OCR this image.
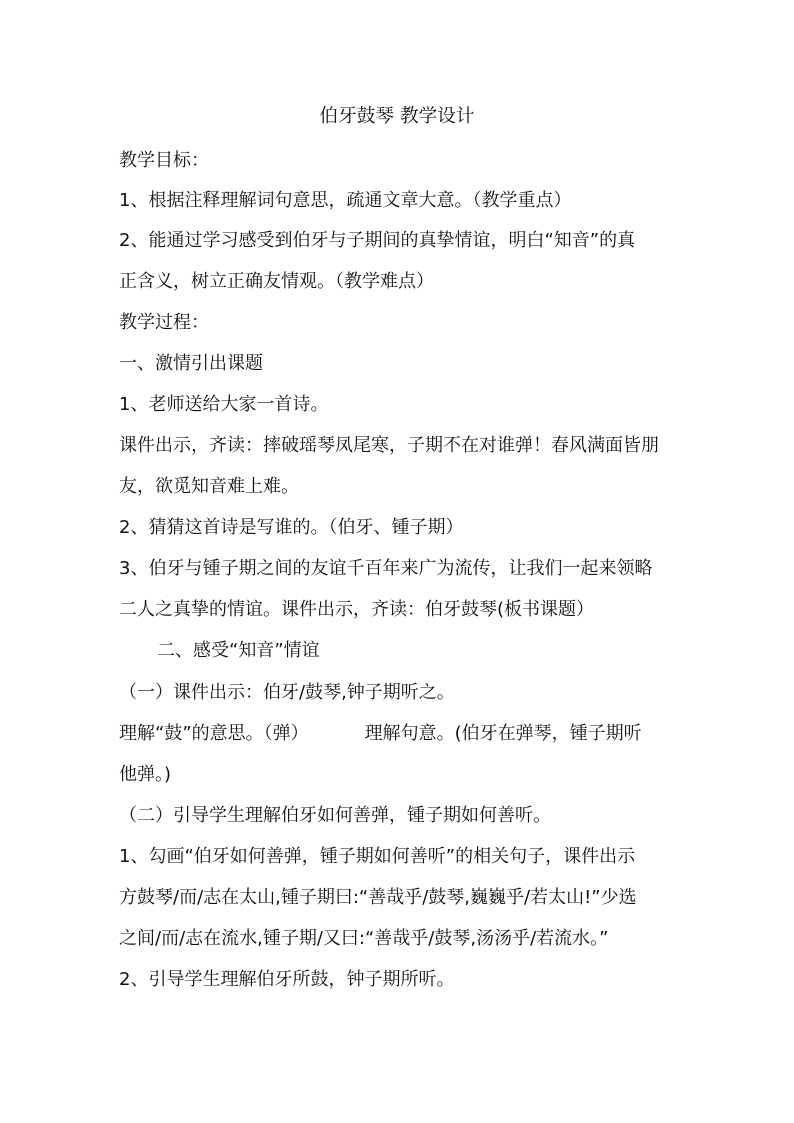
伯牙鼓琴 教学设计
教学目标：
1、根据注释理解词句意思，疏通文章大意。（教学重点）
2、能通过学习感受到伯牙与子期间的真挚情谊，明白“知音”的真
正含义，树立正确友情观。（教学难点）
教学过程：
一、激情引出课题
1、老师送给大家一首诗。
课件出示，齐读：摔破瑶琴凤尾寒，子期不在对谁弹！春风满面皆朋
友，欲觅知音难上难。
2、猜猜这首诗是写谁的。（伯牙、锺子期）
3、伯牙与锺子期之间的友谊千百年来广为流传，让我们一起来领略
二人之真挚的情谊。课件出示，齐读：伯牙鼓琴(板书课题）
二、感受“知音”情谊
（一）课件出示：伯牙/鼓琴,钟子期听之。
理解“鼓”的意思。（弹）	理解句意。(伯牙在弹琴，锺子期听
他弹。)
（二）引导学生理解伯牙如何善弹，锺子期如何善听。
1、勾画“伯牙如何善弹，锺子期如何善听”的相关句子，课件出示
方鼓琴/而/志在太山,锺子期曰:“善哉乎/鼓琴,巍巍乎/若太山!”少选
之间/而/志在流水,锺子期/又曰:“善哉乎/鼓琴,汤汤乎/若流水。”
2、引导学生理解伯牙所鼓，钟子期所听。
